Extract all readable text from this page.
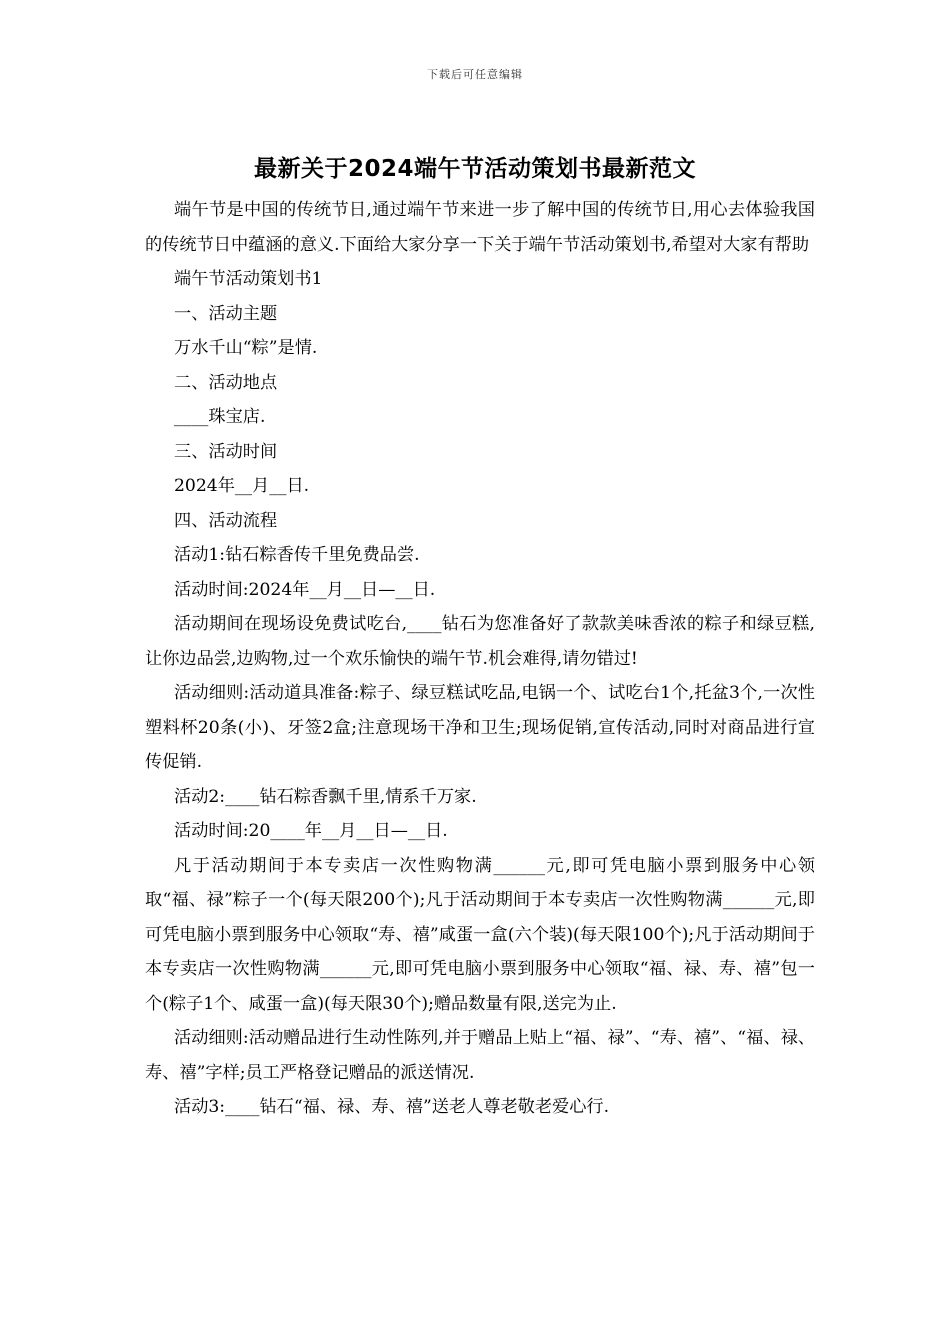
下载后可任意编辑
最新关于2024端午节活动策划书最新范文

端午节是中国的传统节日,通过端午节来进一步了解中国的传统节日,用心去体验我国的传统节日中蕴涵的意义.下面给大家分享一下关于端午节活动策划书,希望对大家有帮助

端午节活动策划书1

一、活动主题

万水千山“粽”是情.

二、活动地点

____珠宝店.

三、活动时间

2024年__月__日.

四、活动流程

活动1:钻石粽香传千里免费品尝.

活动时间:2024年__月__日—__日.

活动期间在现场设免费试吃台,____钻石为您准备好了款款美味香浓的粽子和绿豆糕,让你边品尝,边购物,过一个欢乐愉快的端午节.机会难得,请勿错过!

活动细则:活动道具准备:粽子、绿豆糕试吃品,电锅一个、试吃台1个,托盆3个,一次性塑料杯20条(小)、牙签2盒;注意现场干净和卫生;现场促销,宣传活动,同时对商品进行宣传促销.

活动2:____钻石粽香飘千里,情系千万家.

活动时间:20____年__月__日—__日.

凡于活动期间于本专卖店一次性购物满______元,即可凭电脑小票到服务中心领取“福、禄”粽子一个(每天限200个);凡于活动期间于本专卖店一次性购物满______元,即可凭电脑小票到服务中心领取“寿、禧”咸蛋一盒(六个装)(每天限100个);凡于活动期间于本专卖店一次性购物满______元,即可凭电脑小票到服务中心领取“福、禄、寿、禧”包一个(粽子1个、咸蛋一盒)(每天限30个);赠品数量有限,送完为止.

活动细则:活动赠品进行生动性陈列,并于赠品上贴上“福、禄”、“寿、禧”、“福、禄、寿、禧”字样;员工严格登记赠品的派送情况.

活动3:____钻石“福、禄、寿、禧”送老人尊老敬老爱心行.
